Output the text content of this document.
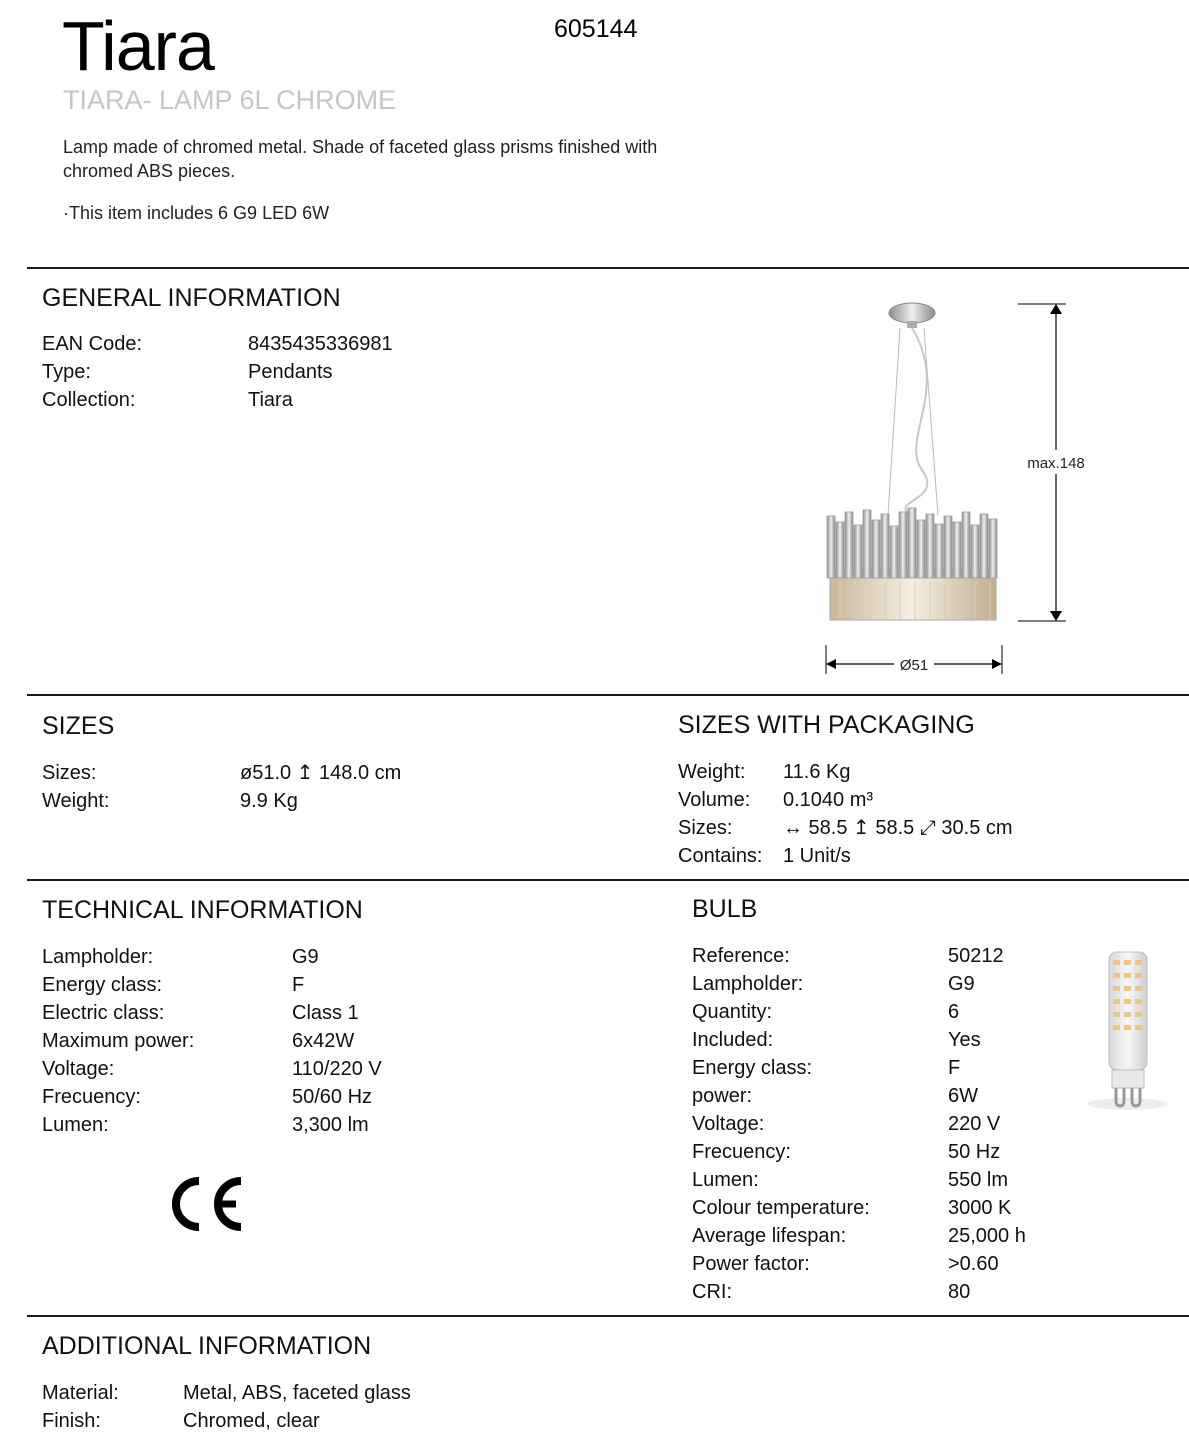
Tiara	605144
TIARA- LAMP 6L CHROME
Lamp made of chromed metal. Shade of faceted glass prisms finished with chromed ABS pieces.
·This item includes 6 G9 LED 6W
GENERAL INFORMATION
EAN Code:	8435435336981
Type:	Pendants
Collection:	Tiara
max.148
Ø51
SIZES
Sizes:	ø51.0 ↥ 148.0 cm
Weight:	9.9 Kg
SIZES WITH PACKAGING
Weight: 11.6 Kg
Volume: 0.1040 m³
Sizes:	↔ 58.5 ↥ 58.5 ⤢ 30.5 cm
Contains: 1 Unit/s
TECHNICAL INFORMATION
Lampholder:	G9
Energy class:	F
Electric class:	Class 1
Maximum power:	6x42W
Voltage:	110/220 V
Frecuency:	50/60 Hz
Lumen:	3,300 lm
BULB
Reference:	50212
Lampholder:	G9
Quantity:	6
Included:	Yes
Energy class:	F
power:	6W
Voltage:	220 V
Frecuency:	50 Hz
Lumen:	550 lm
Colour temperature:	3000 K
Average lifespan:	25,000 h
Power factor:	>0.60
CRI:	80
ADDITIONAL INFORMATION
Material:	Metal, ABS, faceted glass
Finish:	Chromed, clear
